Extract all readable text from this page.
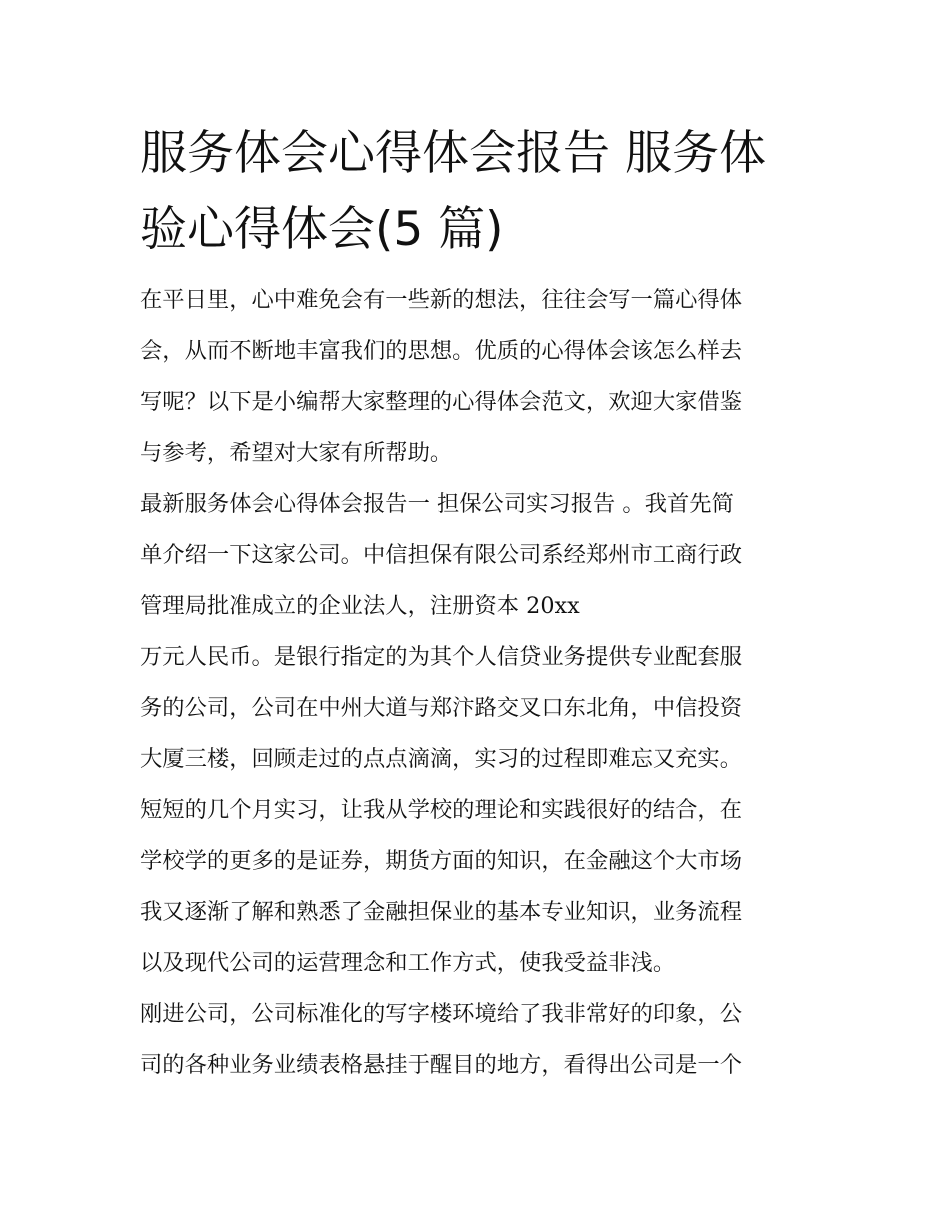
服务体会心得体会报告 服务体
验心得体会(5 篇)
在平日里，心中难免会有一些新的想法，往往会写一篇心得体
会，从而不断地丰富我们的思想。优质的心得体会该怎么样去
写呢？以下是小编帮大家整理的心得体会范文，欢迎大家借鉴
与参考，希望对大家有所帮助。
最新服务体会心得体会报告一 担保公司实习报告 。我首先简
单介绍一下这家公司。中信担保有限公司系经郑州市工商行政
管理局批准成立的企业法人，注册资本 20xx
万元人民币。是银行指定的为其个人信贷业务提供专业配套服
务的公司，公司在中州大道与郑汴路交叉口东北角，中信投资
大厦三楼，回顾走过的点点滴滴，实习的过程即难忘又充实。
短短的几个月实习，让我从学校的理论和实践很好的结合，在
学校学的更多的是证券，期货方面的知识，在金融这个大市场
我又逐渐了解和熟悉了金融担保业的基本专业知识，业务流程
以及现代公司的运营理念和工作方式，使我受益非浅。
刚进公司，公司标准化的写字楼环境给了我非常好的印象，公
司的各种业务业绩表格悬挂于醒目的地方，看得出公司是一个
